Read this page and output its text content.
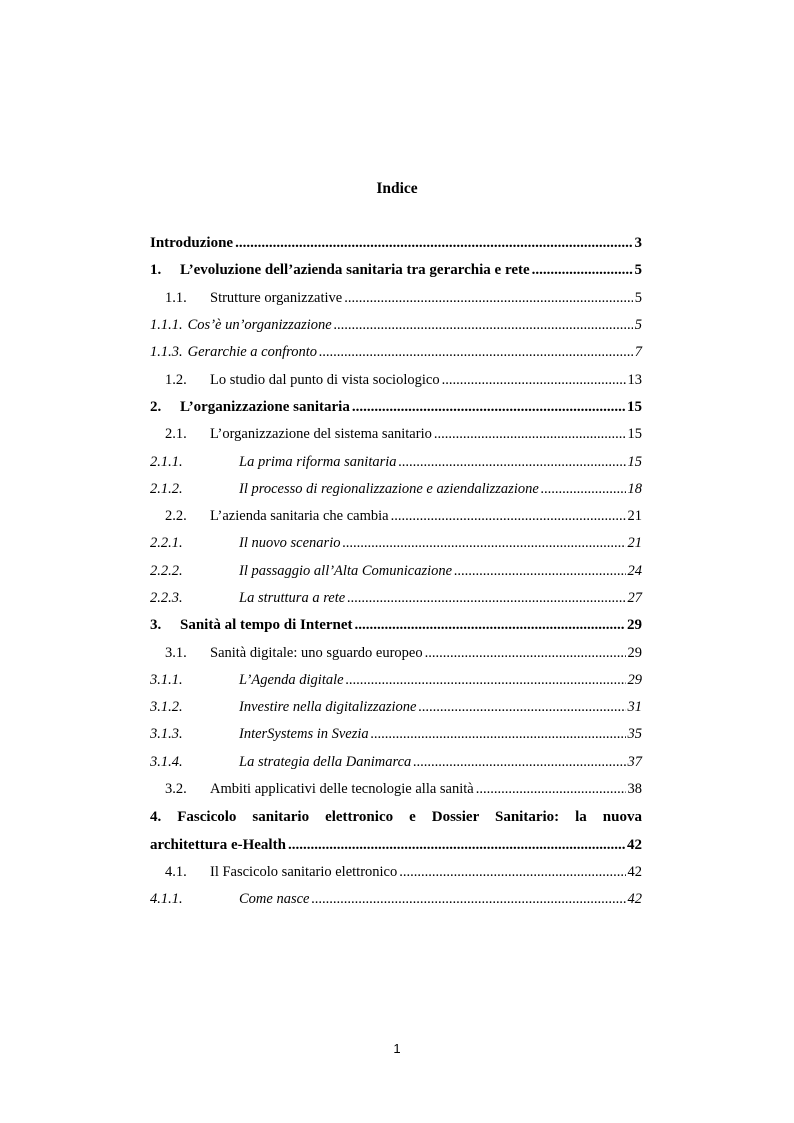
Indice
Introduzione .....	3
1.	L’evoluzione dell’azienda sanitaria tra gerarchia e rete .....	5
1.1.	Strutture organizzative .....	5
1.1.1. Cos’è un’organizzazione .....	5
1.1.3. Gerarchie a confronto .....	7
1.2.	Lo studio dal punto di vista sociologico .....	13
2.	L’organizzazione sanitaria .....	15
2.1.	L’organizzazione del sistema sanitario .....	15
2.1.1.	La prima riforma sanitaria .....	15
2.1.2.	Il processo di regionalizzazione e aziendalizzazione .....	18
2.2.	L’azienda sanitaria che cambia .....	21
2.2.1.	Il nuovo scenario .....	21
2.2.2.	Il passaggio all’Alta Comunicazione .....	24
2.2.3.	La struttura a rete .....	27
3.	Sanità al tempo di Internet .....	29
3.1.	Sanità digitale: uno sguardo europeo .....	29
3.1.1.	L’Agenda digitale .....	29
3.1.2.	Investire nella digitalizzazione .....	31
3.1.3.	InterSystems in Svezia .....	35
3.1.4.	La strategia della Danimarca .....	37
3.2.	Ambiti applicativi delle tecnologie alla sanità .....	38
4. Fascicolo sanitario elettronico e Dossier Sanitario: la nuova
architettura e-Health .....	42
4.1.	Il Fascicolo sanitario elettronico .....	42
4.1.1.	Come nasce .....	42
1
